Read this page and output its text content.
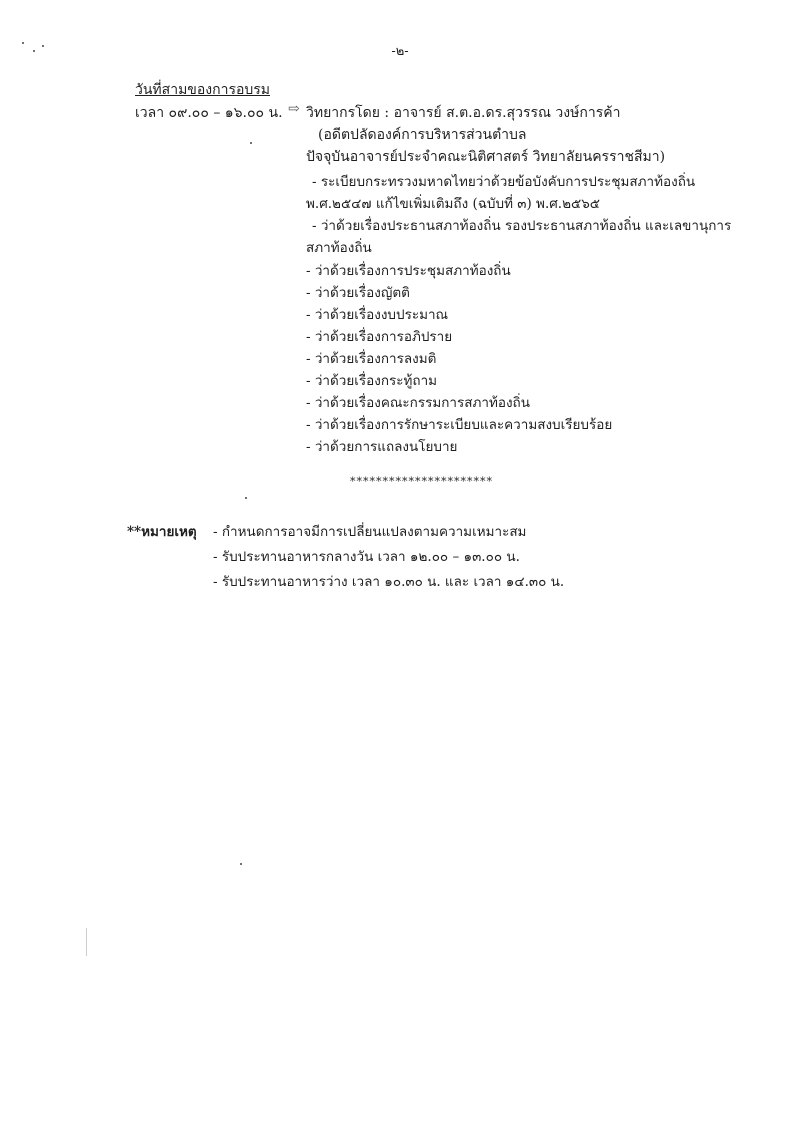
-๒-
วันที่สามของการอบรม
เวลา ๐๙.๐๐ – ๑๖.๐๐ น. ⇨ วิทยากรโดย : อาจารย์ ส.ต.อ.ดร.สุวรรณ วงษ์การค้า
(อดีตปลัดองค์การบริหารส่วนตำบล
ปัจจุบันอาจารย์ประจำคณะนิติศาสตร์ วิทยาลัยนครราชสีมา)
- ระเบียบกระทรวงมหาดไทยว่าด้วยข้อบังคับการประชุมสภาท้องถิ่น
พ.ศ.๒๕๔๗ แก้ไขเพิ่มเติมถึง (ฉบับที่ ๓) พ.ศ.๒๕๖๕
- ว่าด้วยเรื่องประธานสภาท้องถิ่น รองประธานสภาท้องถิ่น และเลขานุการ
สภาท้องถิ่น
- ว่าด้วยเรื่องการประชุมสภาท้องถิ่น
- ว่าด้วยเรื่องญัตติ
- ว่าด้วยเรื่องงบประมาณ
- ว่าด้วยเรื่องการอภิปราย
- ว่าด้วยเรื่องการลงมติ
- ว่าด้วยเรื่องกระทู้ถาม
- ว่าด้วยเรื่องคณะกรรมการสภาท้องถิ่น
- ว่าด้วยเรื่องการรักษาระเบียบและความสงบเรียบร้อย
- ว่าด้วยการแถลงนโยบาย
**********************
**หมายเหตุ - กำหนดการอาจมีการเปลี่ยนแปลงตามความเหมาะสม
- รับประทานอาหารกลางวัน เวลา ๑๒.๐๐ – ๑๓.๐๐ น.
- รับประทานอาหารว่าง เวลา ๑๐.๓๐ น. และ เวลา ๑๔.๓๐ น.
